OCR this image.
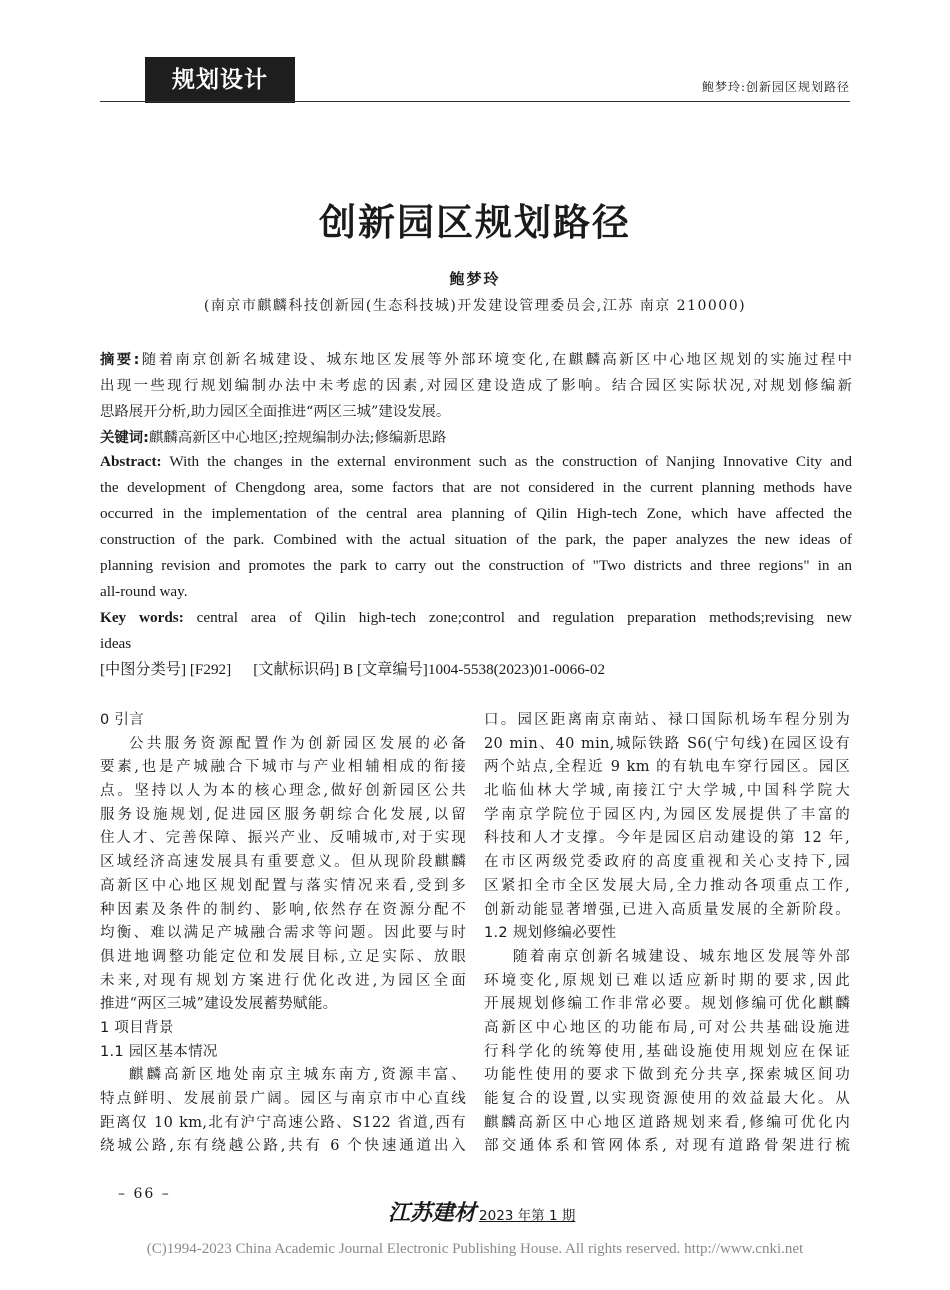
规划设计	鲍梦玲:创新园区规划路径
创新园区规划路径
鲍梦玲
(南京市麒麟科技创新园(生态科技城)开发建设管理委员会,江苏 南京 210000)
摘要:随着南京创新名城建设、城东地区发展等外部环境变化,在麒麟高新区中心地区规划的实施过程中
出现一些现行规划编制办法中未考虑的因素,对园区建设造成了影响。结合园区实际状况,对规划修编新
思路展开分析,助力园区全面推进“两区三城”建设发展。
关键词:麒麟高新区中心地区;控规编制办法;修编新思路
Abstract: With the changes in the external environment such as the construction of Nanjing Innovative City and
the development of Chengdong area, some factors that are not considered in the current planning methods have
occurred in the implementation of the central area planning of Qilin High-tech Zone, which have affected the
construction of the park. Combined with the actual situation of the park, the paper analyzes the new ideas of
planning revision and promotes the park to carry out the construction of "Two districts and three regions" in an
all-round way.
Key words: central area of Qilin high-tech zone;control and regulation preparation methods;revising new
ideas
[中图分类号] [F292] [文献标识码] B [文章编号]1004-5538(2023)01-0066-02
0 引言
公共服务资源配置作为创新园区发展的必备
要素,也是产城融合下城市与产业相辅相成的衔接
点。坚持以人为本的核心理念,做好创新园区公共
服务设施规划,促进园区服务朝综合化发展,以留
住人才、完善保障、振兴产业、反哺城市,对于实现
区域经济高速发展具有重要意义。但从现阶段麒麟
高新区中心地区规划配置与落实情况来看,受到多
种因素及条件的制约、影响,依然存在资源分配不
均衡、难以满足产城融合需求等问题。因此要与时
俱进地调整功能定位和发展目标,立足实际、放眼
未来,对现有规划方案进行优化改进,为园区全面
推进“两区三城”建设发展蓄势赋能。
1 项目背景
1.1 园区基本情况
麒麟高新区地处南京主城东南方,资源丰富、
特点鲜明、发展前景广阔。园区与南京市中心直线
距离仅 10 km,北有沪宁高速公路、S122 省道,西有
绕城公路,东有绕越公路,共有 6 个快速通道出入
口。园区距离南京南站、禄口国际机场车程分别为
20 min、40 min,城际铁路 S6(宁句线)在园区设有
两个站点,全程近 9 km 的有轨电车穿行园区。园区
北临仙林大学城,南接江宁大学城,中国科学院大
学南京学院位于园区内,为园区发展提供了丰富的
科技和人才支撑。今年是园区启动建设的第 12 年,
在市区两级党委政府的高度重视和关心支持下,园
区紧扣全市全区发展大局,全力推动各项重点工作,
创新动能显著增强,已进入高质量发展的全新阶段。
1.2 规划修编必要性
随着南京创新名城建设、城东地区发展等外部
环境变化,原规划已难以适应新时期的要求,因此
开展规划修编工作非常必要。规划修编可优化麒麟
高新区中心地区的功能布局,可对公共基础设施进
行科学化的统筹使用,基础设施使用规划应在保证
功能性使用的要求下做到充分共享,探索城区间功
能复合的设置,以实现资源使用的效益最大化。从
麒麟高新区中心地区道路规划来看,修编可优化内
部交通体系和管网体系, 对现有道路骨架进行梳
– 66 –
江苏建材 2023 年第 1 期
(C)1994-2023 China Academic Journal Electronic Publishing House. All rights reserved. http://www.cnki.net
